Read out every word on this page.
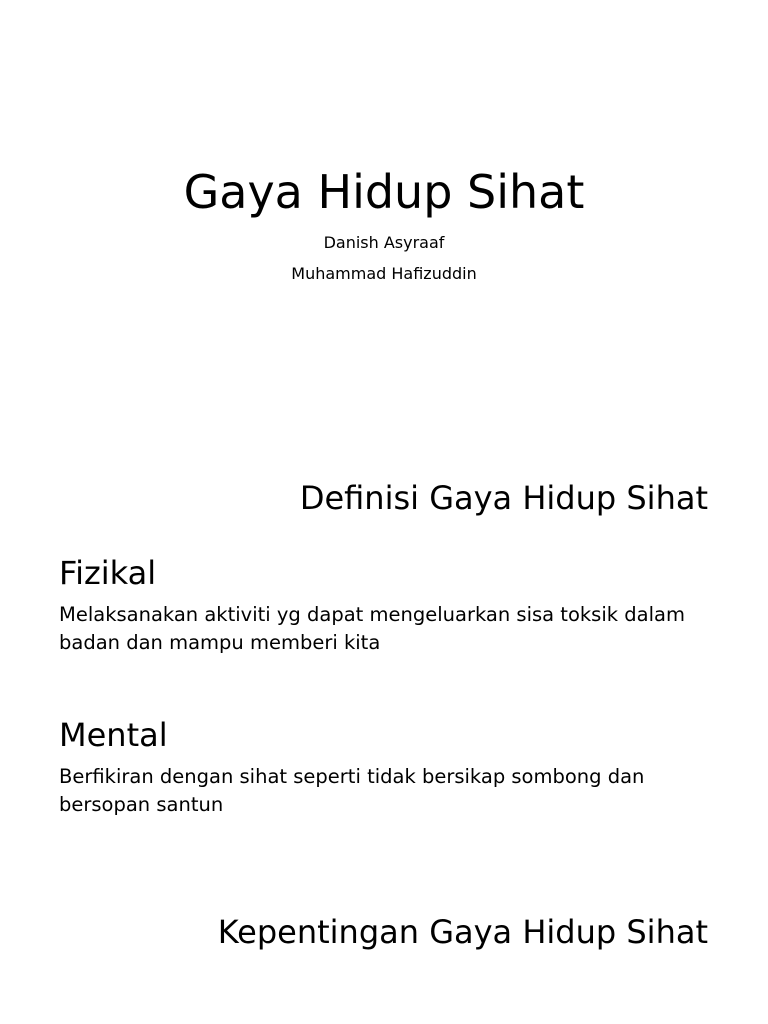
Gaya Hidup Sihat
Danish Asyraaf
Muhammad Hafizuddin
Definisi Gaya Hidup Sihat
Fizikal
Melaksanakan aktiviti yg dapat mengeluarkan sisa toksik dalam badan dan mampu memberi kita
Mental
Berfikiran dengan sihat seperti tidak bersikap sombong dan bersopan santun
Kepentingan Gaya Hidup Sihat
